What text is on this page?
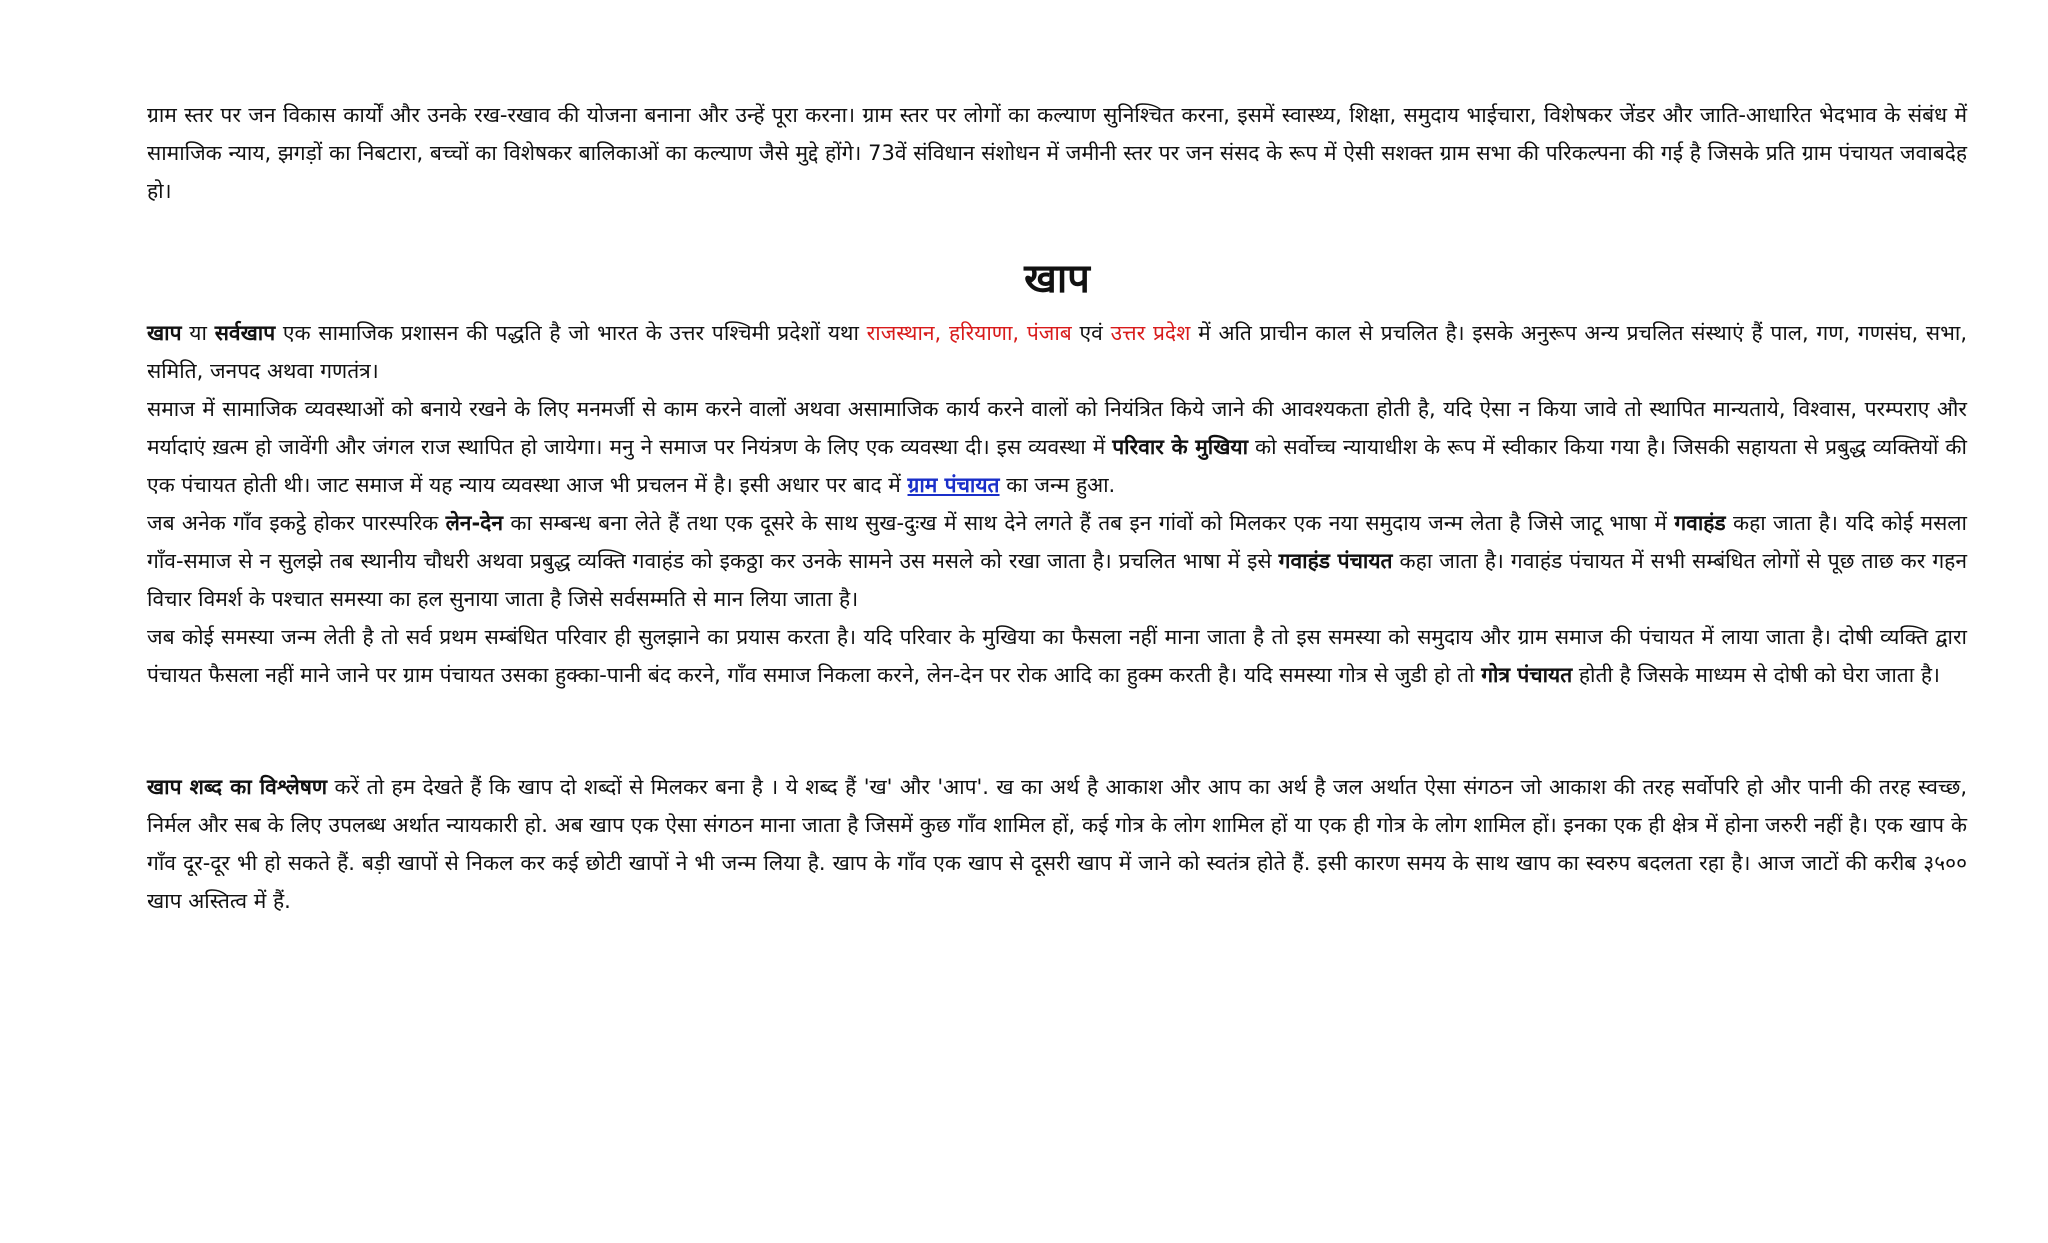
ग्राम स्तर पर जन विकास कार्यों और उनके रख-रखाव की योजना बनाना और उन्हें पूरा करना। ग्राम स्तर पर लोगों का कल्याण सुनिश्चित करना, इसमें स्वास्थ्य, शिक्षा, समुदाय भाईचारा, विशेषकर जेंडर और जाति-आधारित भेदभाव के संबंध में सामाजिक न्याय, झगड़ों का निबटारा, बच्चों का विशेषकर बालिकाओं का कल्याण जैसे मुद्दे होंगे। 73वें संविधान संशोधन में जमीनी स्तर पर जन संसद के रूप में ऐसी सशक्त ग्राम सभा की परिकल्पना की गई है जिसके प्रति ग्राम पंचायत जवाबदेह हो।

खाप

खाप या सर्वखाप एक सामाजिक प्रशासन की पद्धति है जो भारत के उत्तर पश्चिमी प्रदेशों यथा राजस्थान, हरियाणा, पंजाब एवं उत्तर प्रदेश में अति प्राचीन काल से प्रचलित है। इसके अनुरूप अन्य प्रचलित संस्थाएं हैं पाल, गण, गणसंघ, सभा, समिति, जनपद अथवा गणतंत्र।

समाज में सामाजिक व्यवस्थाओं को बनाये रखने के लिए मनमर्जी से काम करने वालों अथवा असामाजिक कार्य करने वालों को नियंत्रित किये जाने की आवश्यकता होती है, यदि ऐसा न किया जावे तो स्थापित मान्यताये, विश्वास, परम्पराए और मर्यादाएं ख़त्म हो जावेंगी और जंगल राज स्थापित हो जायेगा। मनु ने समाज पर नियंत्रण के लिए एक व्यवस्था दी। इस व्यवस्था में परिवार के मुखिया को सर्वोच्च न्यायाधीश के रूप में स्वीकार किया गया है। जिसकी सहायता से प्रबुद्ध व्यक्तियों की एक पंचायत होती थी। जाट समाज में यह न्याय व्यवस्था आज भी प्रचलन में है। इसी अधार पर बाद में ग्राम पंचायत का जन्म हुआ.

जब अनेक गाँव इकट्ठे होकर पारस्परिक लेन-देन का सम्बन्ध बना लेते हैं तथा एक दूसरे के साथ सुख-दुःख में साथ देने लगते हैं तब इन गांवों को मिलकर एक नया समुदाय जन्म लेता है जिसे जाटू भाषा में गवाहंड कहा जाता है। यदि कोई मसला गाँव-समाज से न सुलझे तब स्थानीय चौधरी अथवा प्रबुद्ध व्यक्ति गवाहंड को इकठ्ठा कर उनके सामने उस मसले को रखा जाता है। प्रचलित भाषा में इसे गवाहंड पंचायत कहा जाता है। गवाहंड पंचायत में सभी सम्बंधित लोगों से पूछ ताछ कर गहन विचार विमर्श के पश्चात समस्या का हल सुनाया जाता है जिसे सर्वसम्मति से मान लिया जाता है।

जब कोई समस्या जन्म लेती है तो सर्व प्रथम सम्बंधित परिवार ही सुलझाने का प्रयास करता है। यदि परिवार के मुखिया का फैसला नहीं माना जाता है तो इस समस्या को समुदाय और ग्राम समाज की पंचायत में लाया जाता है। दोषी व्यक्ति द्वारा पंचायत फैसला नहीं माने जाने पर ग्राम पंचायत उसका हुक्का-पानी बंद करने, गाँव समाज निकला करने, लेन-देन पर रोक आदि का हुक्म करती है। यदि समस्या गोत्र से जुडी हो तो गोत्र पंचायत होती है जिसके माध्यम से दोषी को घेरा जाता है।

खाप शब्द का विश्लेषण करें तो हम देखते हैं कि खाप दो शब्दों से मिलकर बना है । ये शब्द हैं 'ख' और 'आप'. ख का अर्थ है आकाश और आप का अर्थ है जल अर्थात ऐसा संगठन जो आकाश की तरह सर्वोपरि हो और पानी की तरह स्वच्छ, निर्मल और सब के लिए उपलब्ध अर्थात न्यायकारी हो. अब खाप एक ऐसा संगठन माना जाता है जिसमें कुछ गाँव शामिल हों, कई गोत्र के लोग शामिल हों या एक ही गोत्र के लोग शामिल हों। इनका एक ही क्षेत्र में होना जरुरी नहीं है। एक खाप के गाँव दूर-दूर भी हो सकते हैं. बड़ी खापों से निकल कर कई छोटी खापों ने भी जन्म लिया है. खाप के गाँव एक खाप से दूसरी खाप में जाने को स्वतंत्र होते हैं. इसी कारण समय के साथ खाप का स्वरुप बदलता रहा है। आज जाटों की करीब ३५०० खाप अस्तित्व में हैं.
